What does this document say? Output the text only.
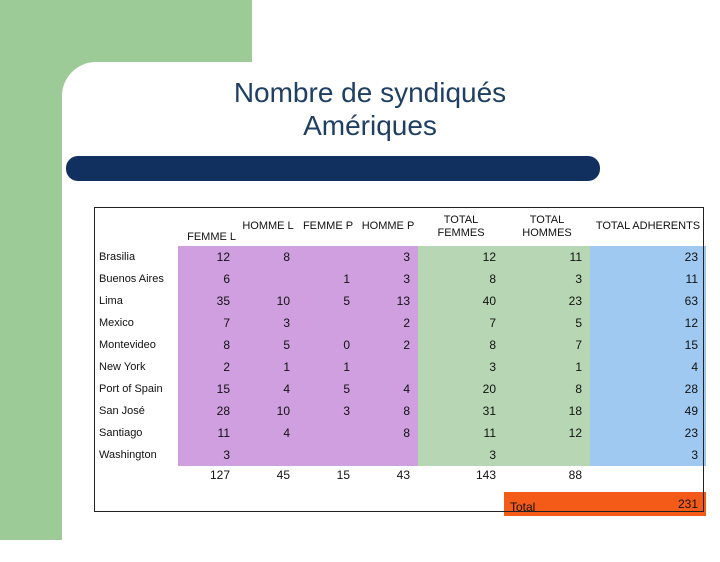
Nombre de syndiqués
Amériques
	FEMME L	HOMME L	FEMME P	HOMME P	TOTAL FEMMES	TOTAL HOMMES	TOTAL ADHERENTS
Brasilia	12	8		3	12	11	23
Buenos Aires	6		1	3	8	3	11
Lima	35	10	5	13	40	23	63
Mexico	7	3		2	7	5	12
Montevideo	8	5	0	2	8	7	15
New York	2	1	1		3	1	4
Port of Spain	15	4	5	4	20	8	28
San José	28	10	3	8	31	18	49
Santiago	11	4		8	11	12	23
Washington	3				3		3
	127	45	15	43	143	88	
						Total	231
